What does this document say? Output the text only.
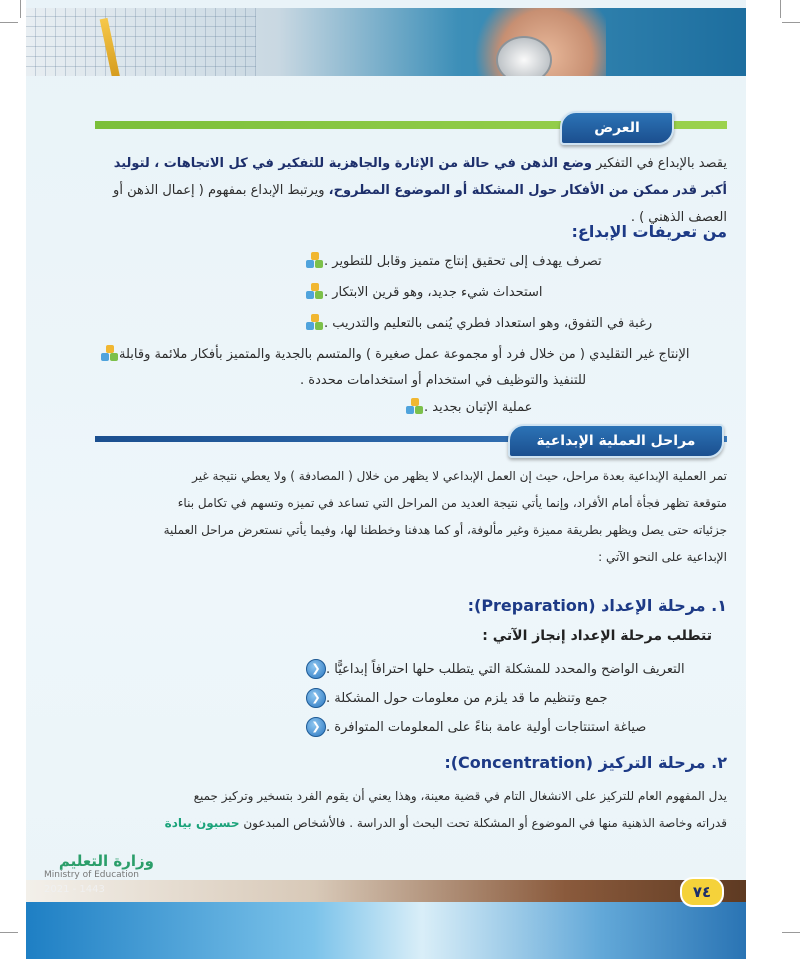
العرض
يقصد بالإبداع في التفكير وضع الذهن في حالة من الإثارة والجاهزية للتفكير في كل الاتجاهات ، لتوليد أكبر قدر ممكن من الأفكار حول المشكلة أو الموضوع المطروح، ويرتبط الإبداع بمفهوم ( إعمال الذهن أو العصف الذهني ) .
من تعريفات الإبداع:
تصرف يهدف إلى تحقيق إنتاج متميز وقابل للتطوير .
استحداث شيء جديد، وهو قرين الابتكار .
رغبة في التفوق، وهو استعداد فطري يُنمى بالتعليم والتدريب .
الإنتاج غير التقليدي ( من خلال فرد أو مجموعة عمل صغيرة ) والمتسم بالجدية والمتميز بأفكار ملائمة وقابلة
للتنفيذ والتوظيف في استخدام أو استخدامات محددة .
عملية الإتيان بجديد .
مراحل العملية الإبداعية
تمر العملية الإبداعية بعدة مراحل، حيث إن العمل الإبداعي لا يظهر من خلال ( المصادفة ) ولا يعطي نتيجة غير
متوقعة تظهر فجأة أمام الأفراد، وإنما يأتي نتيجة العديد من المراحل التي تساعد في تميزه وتسهم في تكامل بناء
جزئياته حتى يصل ويظهر بطريقة مميزة وغير مألوفة، أو كما هدفنا وخططنا لها، وفيما يأتي نستعرض مراحل العملية
الإبداعية على النحو الآتي :
١. مرحلة الإعداد (Preparation):
تتطلب مرحلة الإعداد إنجاز الآتي :
❮ التعريف الواضح والمحدد للمشكلة التي يتطلب حلها احترافاً إبداعيًّا .
❮ جمع وتنظيم ما قد يلزم من معلومات حول المشكلة .
❮ صياغة استنتاجات أولية عامة بناءً على المعلومات المتوافرة .
٢. مرحلة التركيز (Concentration):
يدل المفهوم العام للتركيز على الانشغال التام في قضية معينة، وهذا يعني أن يقوم الفرد بتسخير وتركيز جميع
قدراته وخاصة الذهنية منها في الموضوع أو المشكلة تحت البحث أو الدراسة . فالأشخاص المبدعون حسبون بيادة
٧٤
وزارة التعليم
Ministry of Education
2021 - 1443
